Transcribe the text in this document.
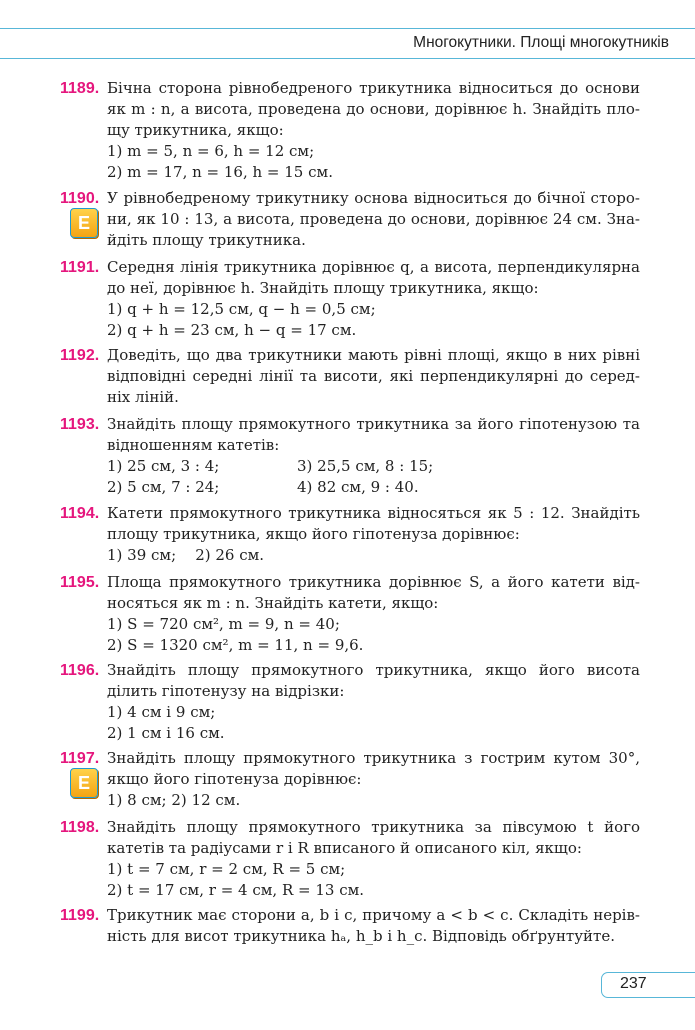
Многокутники. Площі многокутників
1189. Бічна сторона рівнобедреного трикутника відноситься до основи
як m : n, а висота, проведена до основи, дорівнює h. Знайдіть пло-
щу трикутника, якщо:
1) m = 5, n = 6, h = 12 см;
2) m = 17, n = 16, h = 15 см.
1190.
Е
У рівнобедреному трикутнику основа відноситься до бічної сторо-
ни, як 10 : 13, а висота, проведена до основи, дорівнює 24 см. Зна-
йдіть площу трикутника.
1191. Середня лінія трикутника дорівнює q, а висота, перпендикулярна
до неї, дорівнює h. Знайдіть площу трикутника, якщо:
1) q + h = 12,5 см, q − h = 0,5 см;
2) q + h = 23 см, h − q = 17 см.
1192. Доведіть, що два трикутники мають рівні площі, якщо в них рівні
відповідні середні лінії та висоти, які перпендикулярні до серед-
ніх ліній.
1193. Знайдіть площу прямокутного трикутника за його гіпотенузою та
відношенням катетів:
1) 25 см, 3 : 4;	3) 25,5 см, 8 : 15;
2) 5 см, 7 : 24;	4) 82 см, 9 : 40.
1194. Катети прямокутного трикутника відносяться як 5 : 12. Знайдіть
площу трикутника, якщо його гіпотенуза дорівнює:
1) 39 см;    2) 26 см.
1195. Площа прямокутного трикутника дорівнює S, а його катети від-
носяться як m : n. Знайдіть катети, якщо:
1) S = 720 см², m = 9, n = 40;
2) S = 1320 см², m = 11, n = 9,6.
1196. Знайдіть площу прямокутного трикутника, якщо його висота
ділить гіпотенузу на відрізки:
1) 4 см і 9 см;
2) 1 см і 16 см.
1197.
Е
Знайдіть площу прямокутного трикутника з гострим кутом 30°,
якщо його гіпотенуза дорівнює:
1) 8 см; 2) 12 см.
1198. Знайдіть площу прямокутного трикутника за півсумою t його
катетів та радіусами r і R вписаного й описаного кіл, якщо:
1) t = 7 см, r = 2 см, R = 5 см;
2) t = 17 см, r = 4 см, R = 13 см.
1199. Трикутник має сторони a, b і c, причому a < b < c. Складіть нерів-
ність для висот трикутника hₐ, h_b і h_c. Відповідь обґрунтуйте.
237
